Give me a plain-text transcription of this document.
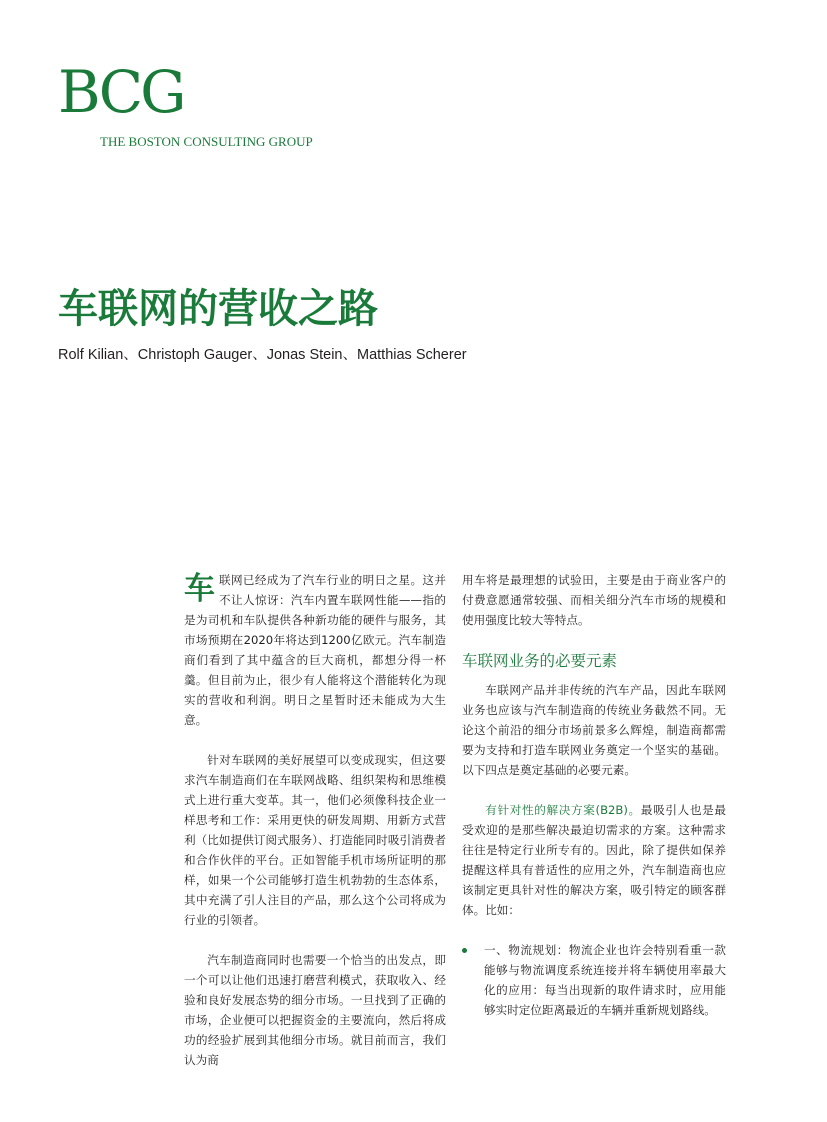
BCG
THE BOSTON CONSULTING GROUP
车联网的营收之路
Rolf Kilian、Christoph Gauger、Jonas Stein、Matthias Scherer

车联网已经成为了汽车行业的明日之星。这并不让人惊讶：汽车内置车联网性能——指的是为司机和车队提供各种新功能的硬件与服务，其市场预期在2020年将达到1200亿欧元。汽车制造商们看到了其中蕴含的巨大商机，都想分得一杯羹。但目前为止，很少有人能将这个潜能转化为现实的营收和利润。明日之星暂时还未能成为大生意。

针对车联网的美好展望可以变成现实，但这要求汽车制造商们在车联网战略、组织架构和思维模式上进行重大变革。其一，他们必须像科技企业一样思考和工作：采用更快的研发周期、用新方式营利（比如提供订阅式服务）、打造能同时吸引消费者和合作伙伴的平台。正如智能手机市场所证明的那样，如果一个公司能够打造生机勃勃的生态体系，其中充满了引人注目的产品，那么这个公司将成为行业的引领者。

汽车制造商同时也需要一个恰当的出发点，即一个可以让他们迅速打磨营利模式，获取收入、经验和良好发展态势的细分市场。一旦找到了正确的市场，企业便可以把握资金的主要流向，然后将成功的经验扩展到其他细分市场。就目前而言，我们认为商

用车将是最理想的试验田，主要是由于商业客户的付费意愿通常较强、而相关细分汽车市场的规模和使用强度比较大等特点。

车联网业务的必要元素

车联网产品并非传统的汽车产品，因此车联网业务也应该与汽车制造商的传统业务截然不同。无论这个前沿的细分市场前景多么辉煌，制造商都需要为支持和打造车联网业务奠定一个坚实的基础。以下四点是奠定基础的必要元素。

有针对性的解决方案(B2B)。最吸引人也是最受欢迎的是那些解决最迫切需求的方案。这种需求往往是特定行业所专有的。因此，除了提供如保养提醒这样具有普适性的应用之外，汽车制造商也应该制定更具针对性的解决方案，吸引特定的顾客群体。比如：

一、物流规划：物流企业也许会特别看重一款能够与物流调度系统连接并将车辆使用率最大化的应用：每当出现新的取件请求时，应用能够实时定位距离最近的车辆并重新规划路线。
